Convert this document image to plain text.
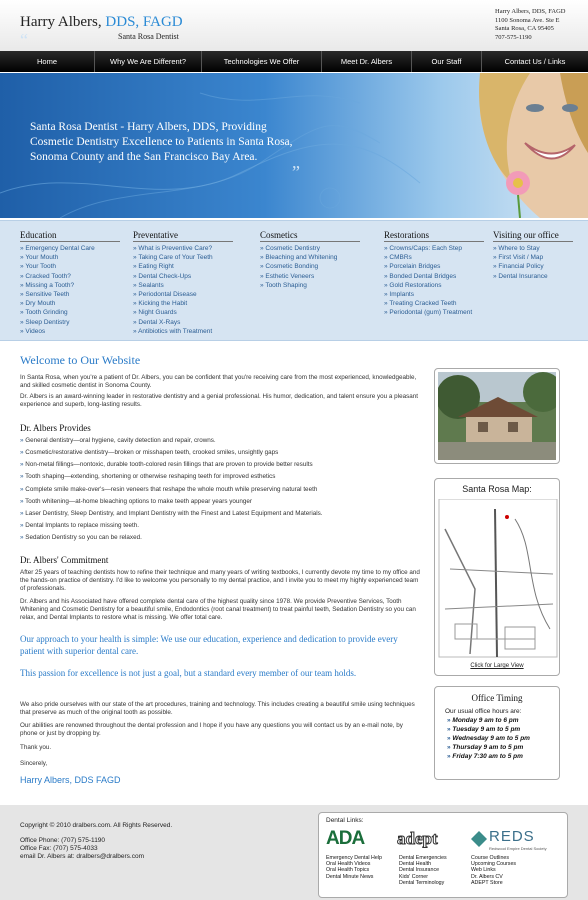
Harry Albers, DDS, FAGD
Santa Rosa Dentist
Harry Albers, DDS, FAGD
1100 Sonoma Ave. Ste E
Santa Rosa, CA 95405
707-575-1190
Home	Why We Are Different?	Technologies We Offer	Meet Dr. Albers	Our Staff	Contact Us / Links
Santa Rosa Dentist - Harry Albers, DDS, Providing Cosmetic Dentistry Excellence to Patients in Santa Rosa, Sonoma County and the San Francisco Bay Area.
“
”
Education
» Emergency Dental Care
» Your Mouth
» Your Tooth
» Cracked Tooth?
» Missing a Tooth?
» Sensitive Teeth
» Dry Mouth
» Tooth Grinding
» Sleep Dentistry
» Videos
Preventative
» What is Preventive Care?
» Taking Care of Your Teeth
» Eating Right
» Dental Check-Ups
» Sealants
» Periodontal Disease
» Kicking the Habit
» Night Guards
» Dental X-Rays
» Antibiotics with Treatment
Cosmetics
» Cosmetic Dentistry
» Bleaching and Whitening
» Cosmetic Bonding
» Esthetic Veneers
» Tooth Shaping
Restorations
» Crowns/Caps: Each Step
» CMBRs
» Porcelain Bridges
» Bonded Dental Bridges
» Gold Restorations
» Implants
» Treating Cracked Teeth
» Periodontal (gum) Treatment
Visiting our office
» Where to Stay
» First Visit / Map
» Financial Policy
» Dental Insurance
Welcome to Our Website
In Santa Rosa, when you're a patient of Dr. Albers, you can be confident that you're receiving care from the most experienced, knowledgeable, and skilled cosmetic dentist in Sonoma County.
Dr. Albers is an award-winning leader in restorative dentistry and a genial professional. His humor, dedication, and talent ensure you a pleasant experience and superb, long-lasting results.
Dr. Albers Provides
» General dentistry—oral hygiene, cavity detection and repair, crowns.
» Cosmetic/restorative dentistry—broken or misshapen teeth, crooked smiles, unsightly gaps
» Non-metal fillings—nontoxic, durable tooth-colored resin fillings that are proven to provide better results
» Tooth shaping—extending, shortening or otherwise reshaping teeth for improved esthetics
» Complete smile make-over's—resin veneers that reshape the whole mouth while preserving natural teeth
» Tooth whitening—at-home bleaching options to make teeth appear years younger
» Laser Dentistry, Sleep Dentistry, and Implant Dentistry with the Finest and Latest Equipment and Materials.
» Dental Implants to replace missing teeth.
» Sedation Dentistry so you can be relaxed.
Dr. Albers' Commitment
After 25 years of teaching dentists how to refine their technique and many years of writing textbooks, I currently devote my time to my office and the hands-on practice of dentistry. I'd like to welcome you personally to my dental practice, and I invite you to meet my highly experienced team of professionals.
Dr. Albers and his Associated have offered complete dental care of the highest quality since 1978. We provide Preventive Services, Tooth Whitening and Cosmetic Dentistry for a beautiful smile, Endodontics (root canal treatment) to treat painful teeth, Sedation Dentistry so you can relax, and Dental Implants to restore what is missing. We offer total care.
Our approach to your health is simple: We use our education, experience and dedication to provide every patient with superior dental care.
This passion for excellence is not just a goal, but a standard every member of our team holds.
We also pride ourselves with our state of the art procedures, training and technology. This includes creating a beautiful smile using techniques that preserve as much of the original tooth as possible.
Our abilities are renowned throughout the dental profession and I hope if you have any questions you will contact us by an e-mail note, by phone or just by dropping by.
Thank you.
Sincerely,
Harry Albers, DDS FAGD
Santa Rosa Map:
Click for Large View
Office Timing
Our usual office hours are:
» Monday 9 am to 6 pm
» Tuesday 9 am to 5 pm
» Wednesday 9 am to 5 pm
» Thursday 9 am to 5 pm
» Friday 7:30 am to 5 pm
Copyright © 2010 dralbers.com. All Rights Reserved.
Office Phone: (707) 575-1190
Office Fax: (707) 575-4033
email Dr. Albers at: dralbers@dralbers.com
Dental Links:
ADA adept	REDS
Redwood Empire Dental Society
Emergency Dental Help
Oral Health Videos
Oral Health Topics
Dental Minute News
Dental Emergencies
Dental Health
Dental Insurance
Kids' Corner
Dental Terminology
Course Outlines
Upcoming Courses
Web Links
Dr. Albers CV
ADEPT Store
